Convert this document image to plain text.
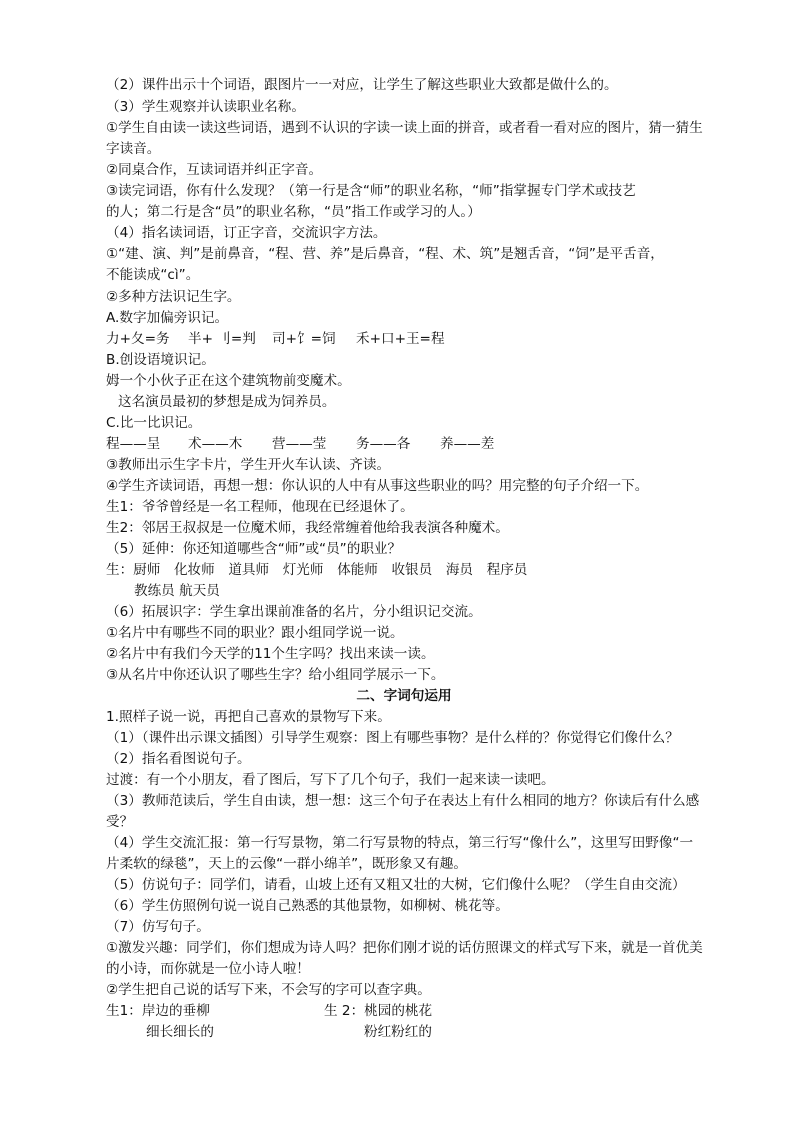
（2）课件出示十个词语，跟图片一一对应，让学生了解这些职业大致都是做什么的。
（3）学生观察并认读职业名称。
①学生自由读一读这些词语，遇到不认识的字读一读上面的拼音，或者看一看对应的图片，猜一猜生
字读音。
②同桌合作，互读词语并纠正字音。
③读完词语，你有什么发现？（第一行是含“师”的职业名称，“师”指掌握专门学术或技艺
的人；第二行是含“员”的职业名称，“员”指工作或学习的人。）
（4）指名读词语，订正字音，交流识字方法。
①“建、演、判”是前鼻音，“程、营、养”是后鼻音，“程、术、筑”是翘舌音，“饲”是平舌音，
不能读成“cì”。
②多种方法识记生字。
A.数字加偏旁识记。
力+夂=务 半+ 刂=判 司+饣=饲 禾+口+王=程
B.创设语境识记。
姆一个小伙子正在这个建筑物前变魔术。
这名演员最初的梦想是成为饲养员。
C.比一比识记。
程——呈 术——木 营——莹 务——各 养——差
③教师出示生字卡片，学生开火车认读、齐读。
④学生齐读词语，再想一想：你认识的人中有从事这些职业的吗？用完整的句子介绍一下。
生1：爷爷曾经是一名工程师，他现在已经退休了。
生2：邻居王叔叔是一位魔术师，我经常缠着他给我表演各种魔术。
（5）延伸：你还知道哪些含“师”或“员”的职业？
生：厨师　化妆师　道具师　灯光师　体能师　收银员　海员　程序员
教练员 航天员
（6）拓展识字：学生拿出课前准备的名片，分小组识记交流。
①名片中有哪些不同的职业？跟小组同学说一说。
②名片中有我们今天学的11个生字吗？找出来读一读。
③从名片中你还认识了哪些生字？给小组同学展示一下。
二、字词句运用
1.照样子说一说，再把自己喜欢的景物写下来。
（1）（课件出示课文插图）引导学生观察：图上有哪些事物？是什么样的？你觉得它们像什么？
（2）指名看图说句子。
过渡：有一个小朋友，看了图后，写下了几个句子，我们一起来读一读吧。
（3）教师范读后，学生自由读，想一想：这三个句子在表达上有什么相同的地方？你读后有什么感
受？
（4）学生交流汇报：第一行写景物，第二行写景物的特点，第三行写“像什么”，这里写田野像“一
片柔软的绿毯”，天上的云像“一群小绵羊”，既形象又有趣。
（5）仿说句子：同学们，请看，山坡上还有又粗又壮的大树，它们像什么呢？（学生自由交流）
（6）学生仿照例句说一说自己熟悉的其他景物，如柳树、桃花等。
（7）仿写句子。
①激发兴趣：同学们，你们想成为诗人吗？把你们刚才说的话仿照课文的样式写下来，就是一首优美
的小诗，而你就是一位小诗人啦！
②学生把自己说的话写下来，不会写的字可以查字典。
生1：岸边的垂柳	生 2：桃园的桃花
细长细长的	粉红粉红的
